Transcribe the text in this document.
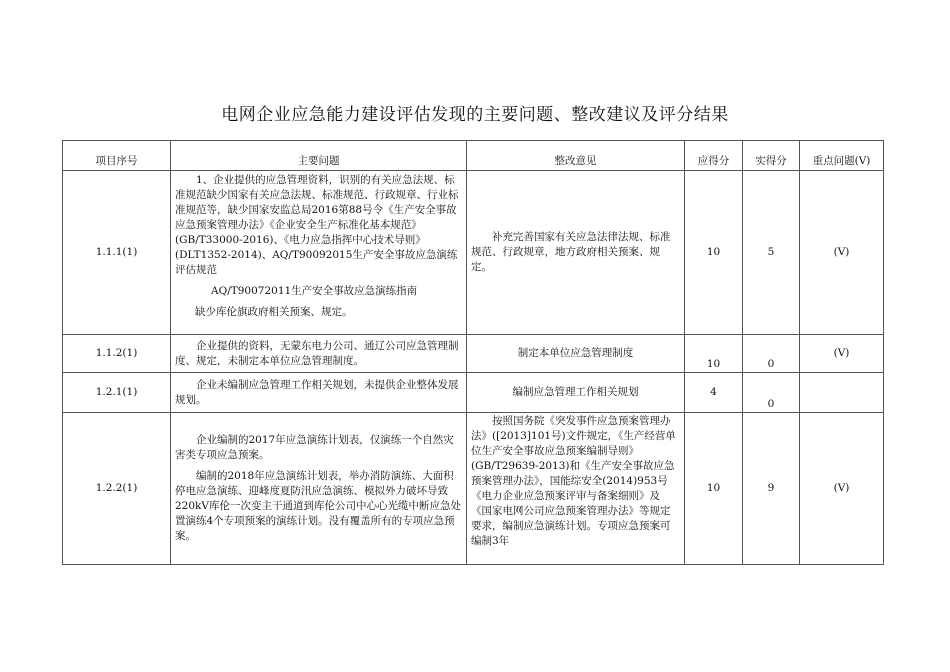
电网企业应急能力建设评估发现的主要问题、整改建议及评分结果
项目序号	主要问题	整改意见	应得分	实得分	重点问题(V)
1.1.1(1)	1、企业提供的应急管理资料，识别的有关应急法规、标准规范缺少国家有关应急法规、标准规范、行政规章、行业标准规范等，缺少国家安监总局2016第88号令《生产安全事故应急预案管理办法》《企业安全生产标准化基本规范》(GB/T33000-2016)、《电力应急指挥中心技术导则》(DLT1352-2014)、AQ/T90092015生产安全事故应急演练评估规范

AQ/T90072011生产安全事故应急演练指南

缺少库伦旗政府相关预案、规定。	补充完善国家有关应急法律法规、标准规范、行政规章，地方政府相关预案、规定。	10	5	(V)
1.1.2(1)	企业提供的资料，无蒙东电力公司、通辽公司应急管理制度、规定，未制定本单位应急管理制度。	制定本单位应急管理制度	10	0	(V)
1.2.1(1)	企业未编制应急管理工作相关规划，未提供企业整体发展规划。	编制应急管理工作相关规划	4	0	
1.2.2(1)	企业编制的2017年应急演练计划表，仅演练一个自然灾害类专项应急预案。

编制的2018年应急演练计划表，举办消防演练、大面积停电应急演练、迎峰度夏防汛应急演练、模拟外力破坏导致220kV库伦一次变主干通道到库伦公司中心心光缆中断应急处置演练4个专项预案的演练计划。没有覆盖所有的专项应急预案。	按照国务院《突发事件应急预案管理办法》([2013]101号)文件规定，《生产经营单位生产安全事故应急预案编制导则》(GB/T29639-2013)和《生产安全事故应急预案管理办法》，国能综安全(2014)953号《电力企业应急预案评审与备案细则》及《国家电网公司应急预案管理办法》等规定要求，编制应急演练计划。专项应急预案可编制3年	10	9	(V)
